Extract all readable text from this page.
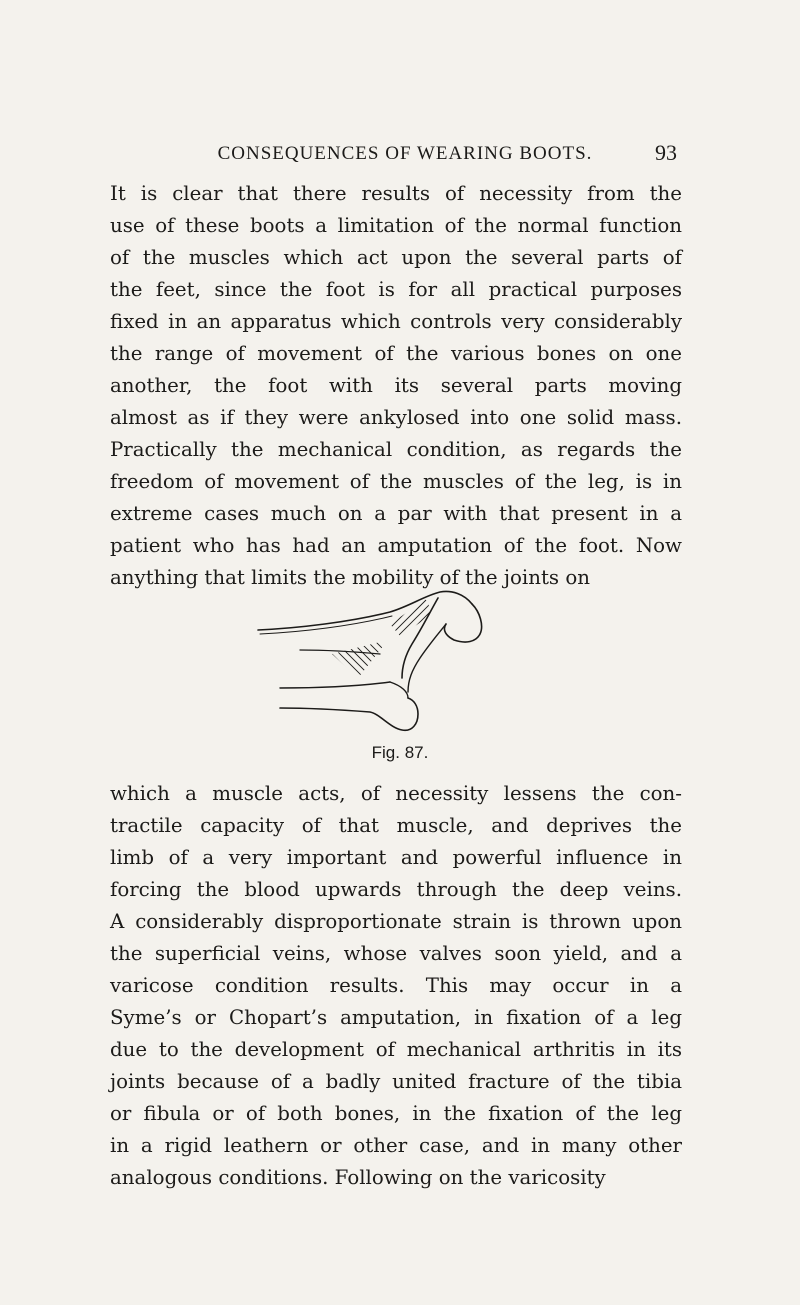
CONSEQUENCES OF WEARING BOOTS.	93
It is clear that there results of necessity from the
use of these boots a limitation of the normal function
of the muscles which act upon the several parts of
the feet, since the foot is for all practical purposes
fixed in an apparatus which controls very considerably
the range of movement of the various bones on one
another, the foot with its several parts moving
almost as if they were ankylosed into one solid mass.
Practically the mechanical condition, as regards the
freedom of movement of the muscles of the leg, is in
extreme cases much on a par with that present in a
patient who has had an amputation of the foot. Now
anything that limits the mobility of the joints on
Fig. 87.
which a muscle acts, of necessity lessens the con-
tractile capacity of that muscle, and deprives the
limb of a very important and powerful influence in
forcing the blood upwards through the deep veins.
A considerably disproportionate strain is thrown upon
the superficial veins, whose valves soon yield, and a
varicose condition results. This may occur in a
Syme’s or Chopart’s amputation, in fixation of a leg
due to the development of mechanical arthritis in its
joints because of a badly united fracture of the tibia
or fibula or of both bones, in the fixation of the leg
in a rigid leathern or other case, and in many other
analogous conditions. Following on the varicosity
